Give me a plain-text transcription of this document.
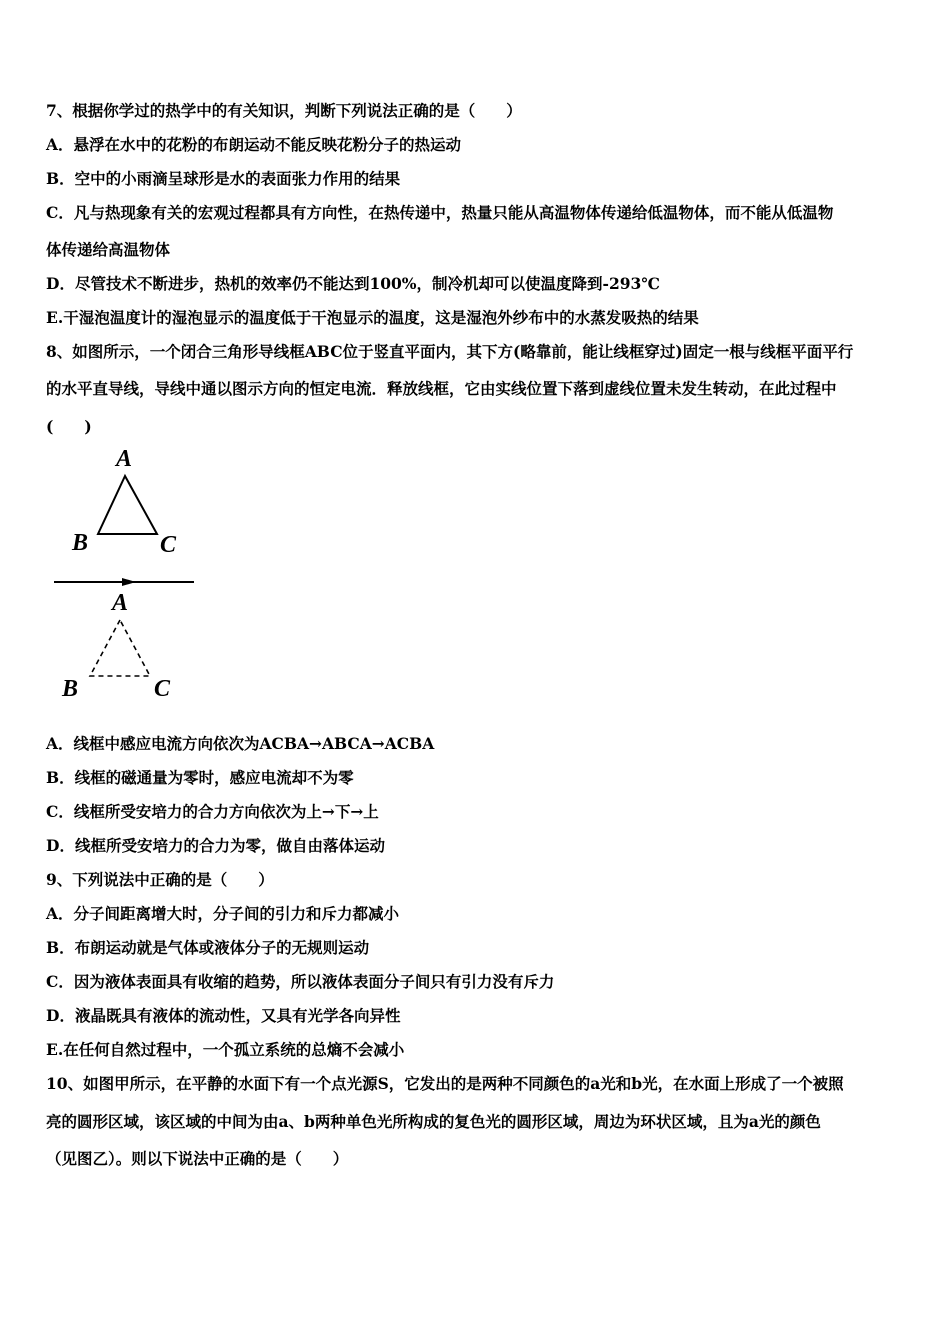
7、根据你学过的热学中的有关知识，判断下列说法正确的是（　　）
A．悬浮在水中的花粉的布朗运动不能反映花粉分子的热运动
B．空中的小雨滴呈球形是水的表面张力作用的结果
C．凡与热现象有关的宏观过程都具有方向性，在热传递中，热量只能从高温物体传递给低温物体，而不能从低温物
体传递给高温物体
D．尽管技术不断进步，热机的效率仍不能达到100%，制冷机却可以使温度降到-293℃
E.干湿泡温度计的湿泡显示的温度低于干泡显示的温度，这是湿泡外纱布中的水蒸发吸热的结果
8、如图所示，一个闭合三角形导线框ABC位于竖直平面内，其下方(略靠前，能让线框穿过)固定一根与线框平面平行
的水平直导线，导线中通以图示方向的恒定电流．释放线框，它由实线位置下落到虚线位置未发生转动，在此过程中
(　　)
A
B	C
A
B	C
A．线框中感应电流方向依次为ACBA→ABCA→ACBA
B．线框的磁通量为零时，感应电流却不为零
C．线框所受安培力的合力方向依次为上→下→上
D．线框所受安培力的合力为零，做自由落体运动
9、下列说法中正确的是（　　）
A．分子间距离增大时，分子间的引力和斥力都减小
B．布朗运动就是气体或液体分子的无规则运动
C．因为液体表面具有收缩的趋势，所以液体表面分子间只有引力没有斥力
D．液晶既具有液体的流动性，又具有光学各向异性
E.在任何自然过程中，一个孤立系统的总熵不会减小
10、如图甲所示，在平静的水面下有一个点光源S，它发出的是两种不同颜色的a光和b光，在水面上形成了一个被照
亮的圆形区域，该区域的中间为由a、b两种单色光所构成的复色光的圆形区域，周边为环状区域，且为a光的颜色
（见图乙）。则以下说法中正确的是（　　）
